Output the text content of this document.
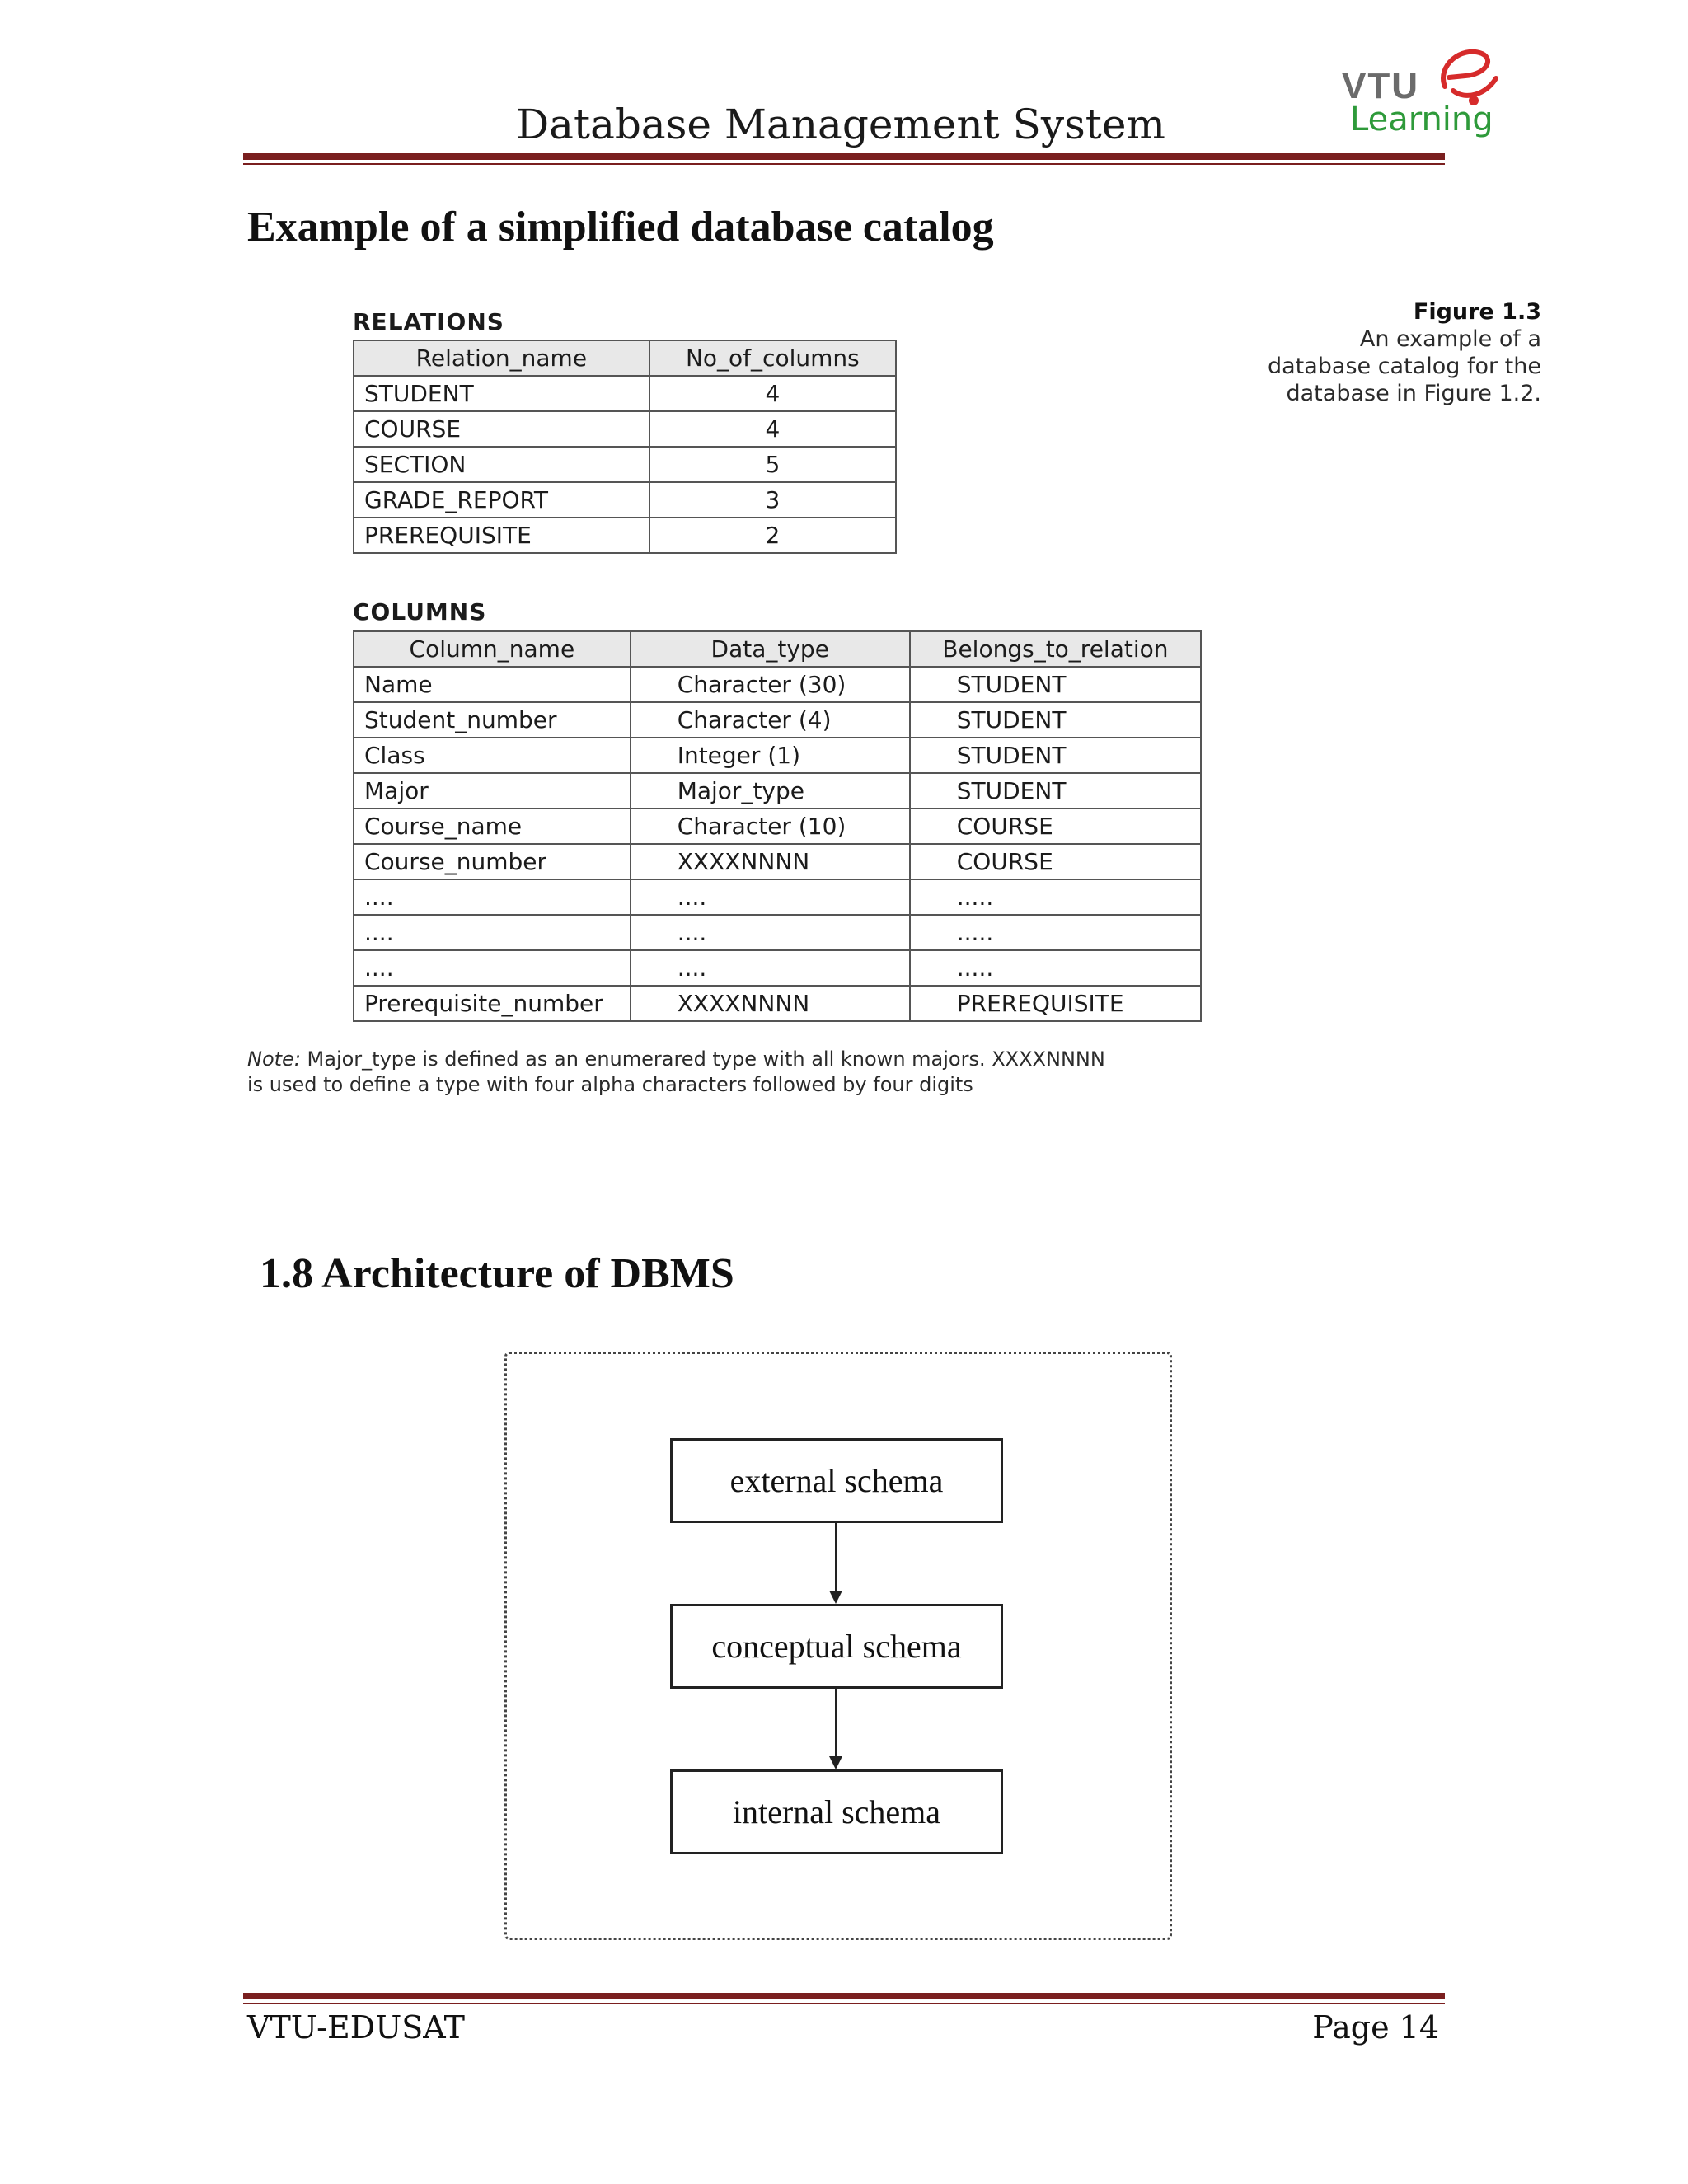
Database Management System
VTU
Learning
Example of a simplified database catalog
Figure 1.3
An example of a
database catalog for the
database in Figure 1.2.
RELATIONS
Relation_name	No_of_columns
STUDENT	4
COURSE	4
SECTION	5
GRADE_REPORT	3
PREREQUISITE	2
COLUMNS
Column_name	Data_type	Belongs_to_relation
Name	Character (30)	STUDENT
Student_number	Character (4)	STUDENT
Class	Integer (1)	STUDENT
Major	Major_type	STUDENT
Course_name	Character (10)	COURSE
Course_number	XXXXNNNN	COURSE
....	....	.....
....	....	.....
....	....	.....
Prerequisite_number	XXXXNNNN	PREREQUISITE
Note: Major_type is defined as an enumerared type with all known majors. XXXXNNNN
is used to define a type with four alpha characters followed by four digits
1.8 Architecture of DBMS
external schema
conceptual schema
internal schema
VTU-EDUSAT	Page 14
